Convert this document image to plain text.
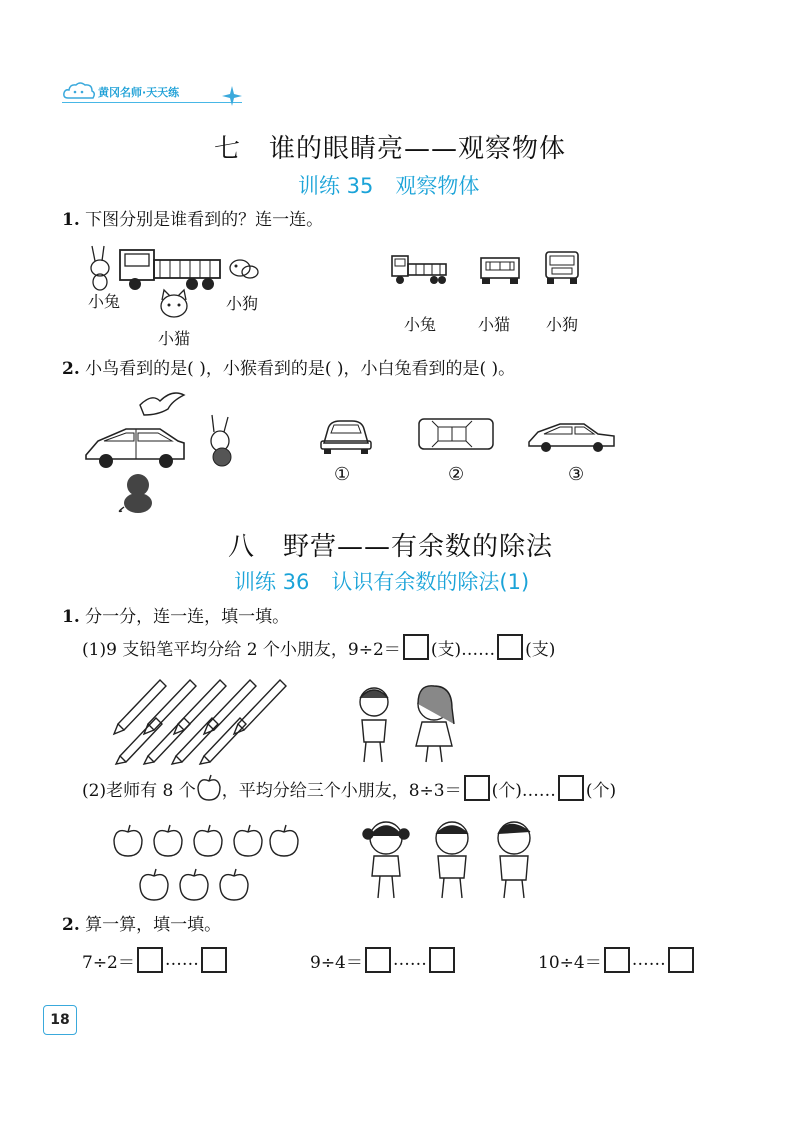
黄冈名师·天天练
七 谁的眼睛亮——观察物体
训练 35 观察物体
1. 下图分别是谁看到的？连一连。
小兔	小狗
小猫
小兔	小猫 小狗
2. 小鸟看到的是( )，小猴看到的是( )，小白兔看到的是( )。
①	②	③
八 野营——有余数的除法
训练 36 认识有余数的除法(1)
1. 分一分，连一连，填一填。
(1)9 支铅笔平均分给 2 个小朋友，9÷2＝ (支)…… (支)
(2)老师有 8 个 ，平均分给三个小朋友，8÷3＝ (个)…… (个)
2. 算一算，填一填。
7÷2＝ ……	9÷4＝ ……	10÷4＝ ……
18
